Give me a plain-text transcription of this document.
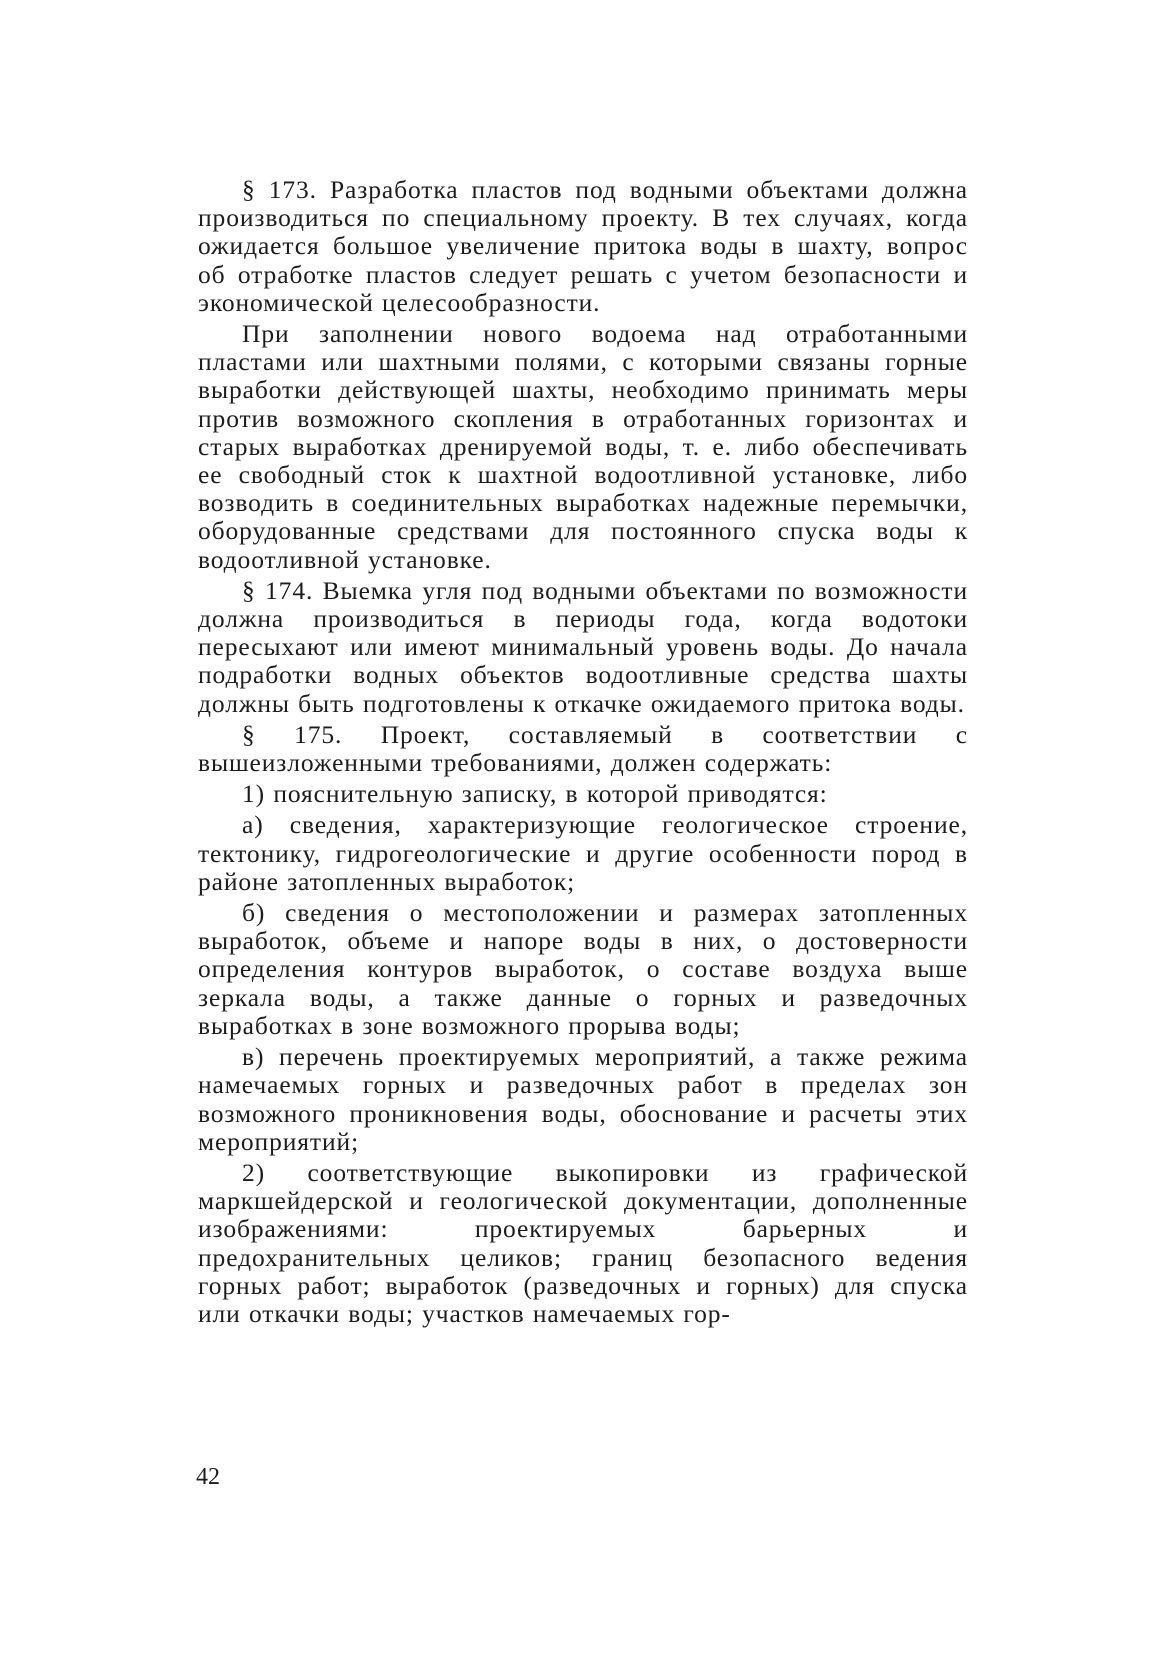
§ 173. Разработка пластов под водными объектами должна производиться по специальному проекту. В тех случаях, когда ожидается большое увеличение притока воды в шахту, вопрос об отработке пластов следует решать с учетом безопасности и экономической целесообразности.

При заполнении нового водоема над отработанными пластами или шахтными полями, с которыми связаны горные выработки действующей шахты, необходимо принимать меры против возможного скопления в отработанных горизонтах и старых выработках дренируемой воды, т. е. либо обеспечивать ее свободный сток к шахтной водоотливной установке, либо возводить в соединительных выработках надежные перемычки, оборудованные средствами для постоянного спуска воды к водоотливной установке.

§ 174. Выемка угля под водными объектами по возможности должна производиться в периоды года, когда водотоки пересыхают или имеют минимальный уровень воды. До начала подработки водных объектов водоотливные средства шахты должны быть подготовлены к откачке ожидаемого притока воды.

§ 175. Проект, составляемый в соответствии с вышеизложенными требованиями, должен содержать:

1) пояснительную записку, в которой приводятся:

а) сведения, характеризующие геологическое строение, тектонику, гидрогеологические и другие особенности пород в районе затопленных выработок;

б) сведения о местоположении и размерах затопленных выработок, объеме и напоре воды в них, о достоверности определения контуров выработок, о составе воздуха выше зеркала воды, а также данные о горных и разведочных выработках в зоне возможного прорыва воды;

в) перечень проектируемых мероприятий, а также режима намечаемых горных и разведочных работ в пределах зон возможного проникновения воды, обоснование и расчеты этих мероприятий;

2) соответствующие выкопировки из графической маркшейдерской и геологической документации, дополненные изображениями: проектируемых барьерных и предохранительных целиков; границ безопасного ведения горных работ; выработок (разведочных и горных) для спуска или откачки воды; участков намечаемых гор-

42
